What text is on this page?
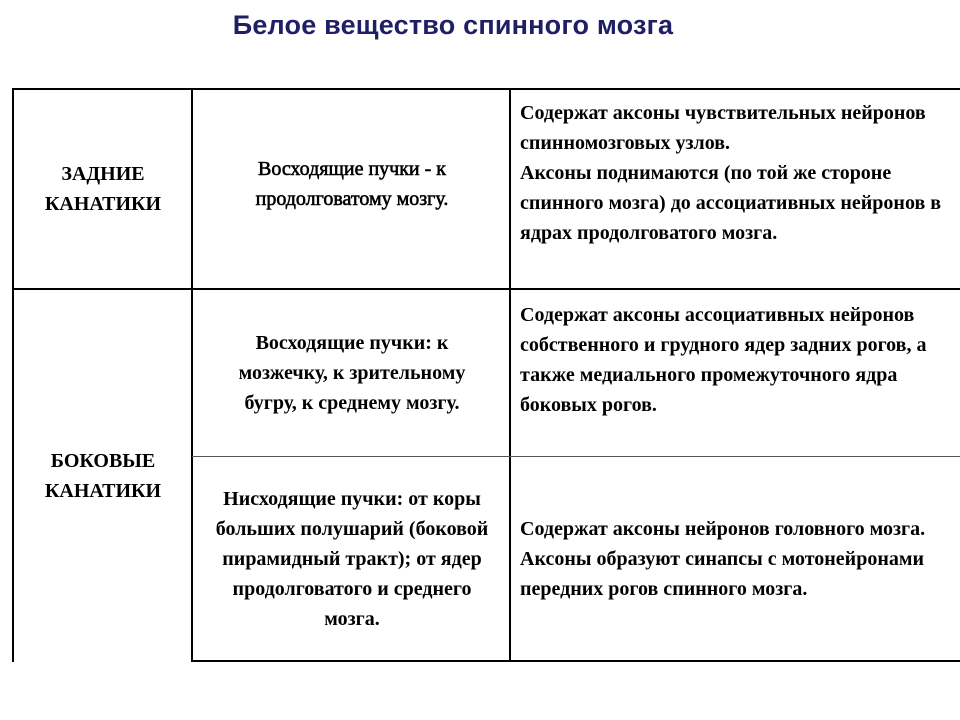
Белое вещество спинного мозга
ЗАДНИЕ КАНАТИКИ
Восходящие пучки - к продолговатому мозгу.
Содержат аксоны чувствительных нейронов спинномозговых узлов.
Аксоны поднимаются (по той же стороне спинного мозга) до ассоциативных нейронов в ядрах продолговатого мозга.
БОКОВЫЕ КАНАТИКИ
Восходящие пучки: к мозжечку, к зрительному бугру, к среднему мозгу.
Содержат аксоны ассоциативных нейронов собственного и грудного ядер задних рогов, а также медиального промежуточного ядра боковых рогов.
Нисходящие пучки: от коры больших полушарий (боковой пирамидный тракт); от ядер продолговатого и среднего мозга.
Содержат аксоны нейронов головного мозга.
Аксоны образуют синапсы с мотонейронами передних рогов спинного мозга.
